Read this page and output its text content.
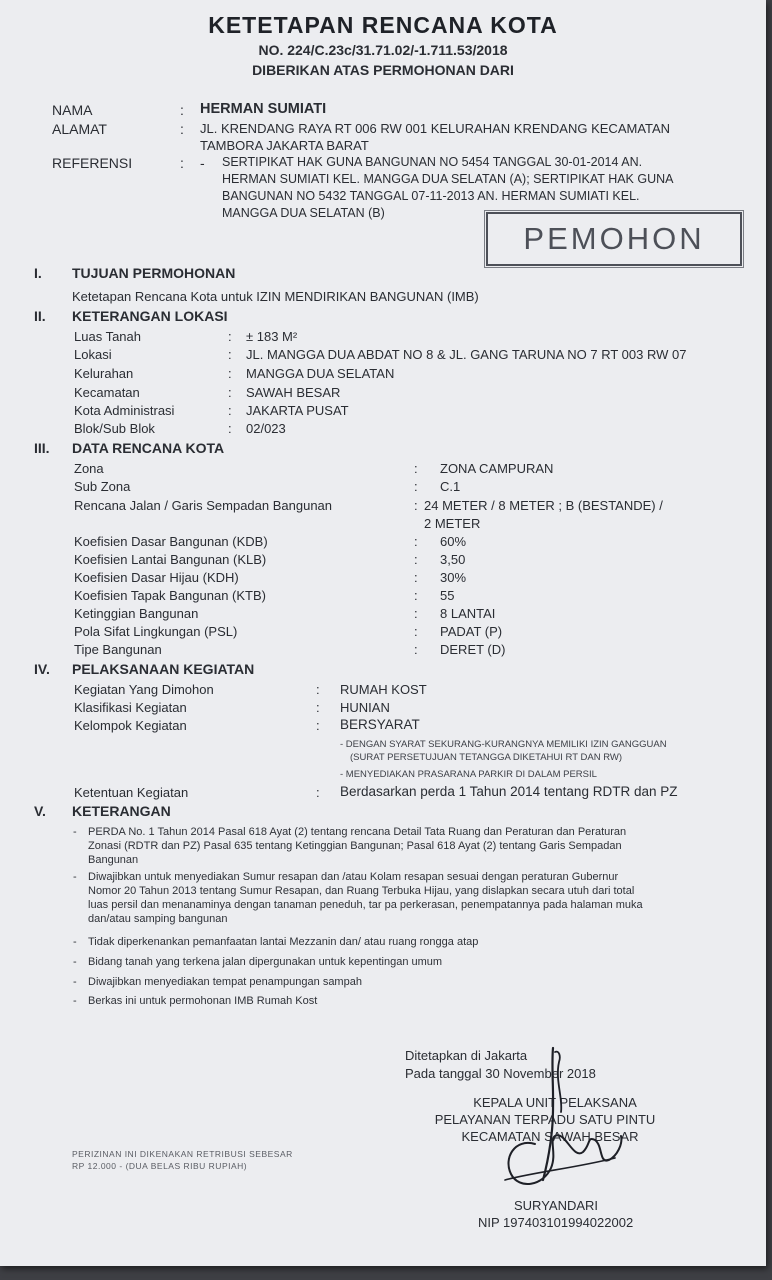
KETETAPAN RENCANA KOTA
NO. 224/C.23c/31.71.02/-1.711.53/2018
DIBERIKAN ATAS PERMOHONAN DARI
NAMA	: HERMAN SUMIATI
ALAMAT	: JL. KRENDANG RAYA RT 006 RW 001 KELURAHAN KRENDANG KECAMATAN
TAMBORA JAKARTA BARAT
REFERENSI	: - SERTIPIKAT HAK GUNA BANGUNAN NO 5454 TANGGAL 30-01-2014 AN.
HERMAN SUMIATI KEL. MANGGA DUA SELATAN (A); SERTIPIKAT HAK GUNA
BANGUNAN NO 5432 TANGGAL 07-11-2013 AN. HERMAN SUMIATI KEL.
MANGGA DUA SELATAN (B)
PEMOHON
I. TUJUAN PERMOHONAN
Ketetapan Rencana Kota untuk IZIN MENDIRIKAN BANGUNAN (IMB)
II. KETERANGAN LOKASI
Luas Tanah	: ± 183 M²
Lokasi	: JL. MANGGA DUA ABDAT NO 8 & JL. GANG TARUNA NO 7 RT 003 RW 07
Kelurahan	: MANGGA DUA SELATAN
Kecamatan	: SAWAH BESAR
Kota Administrasi	: JAKARTA PUSAT
Blok/Sub Blok	: 02/023
III. DATA RENCANA KOTA
Zona	: ZONA CAMPURAN
Sub Zona	: C.1
Rencana Jalan / Garis Sempadan Bangunan	: 24 METER / 8 METER ; B (BESTANDE) /
2 METER
Koefisien Dasar Bangunan (KDB)	: 60%
Koefisien Lantai Bangunan (KLB)	: 3,50
Koefisien Dasar Hijau (KDH)	: 30%
Koefisien Tapak Bangunan (KTB)	: 55
Ketinggian Bangunan	: 8 LANTAI
Pola Sifat Lingkungan (PSL)	: PADAT (P)
Tipe Bangunan	: DERET (D)
IV. PELAKSANAAN KEGIATAN
Kegiatan Yang Dimohon	: RUMAH KOST
Klasifikasi Kegiatan	: HUNIAN
Kelompok Kegiatan	: BERSYARAT
- DENGAN SYARAT SEKURANG-KURANGNYA MEMILIKI IZIN GANGGUAN
(SURAT PERSETUJUAN TETANGGA DIKETAHUI RT DAN RW)
- MENYEDIAKAN PRASARANA PARKIR DI DALAM PERSIL
Ketentuan Kegiatan	: Berdasarkan perda 1 Tahun 2014 tentang RDTR dan PZ
V. KETERANGAN
- PERDA No. 1 Tahun 2014 Pasal 618 Ayat (2) tentang rencana Detail Tata Ruang dan Peraturan dan Peraturan
Zonasi (RDTR dan PZ) Pasal 635 tentang Ketinggian Bangunan; Pasal 618 Ayat (2) tentang Garis Sempadan
Bangunan
- Diwajibkan untuk menyediakan Sumur resapan dan /atau Kolam resapan sesuai dengan peraturan Gubernur
Nomor 20 Tahun 2013 tentang Sumur Resapan, dan Ruang Terbuka Hijau, yang dislapkan secara utuh dari total
luas persil dan menanaminya dengan tanaman peneduh, tar pa perkerasan, penempatannya pada halaman muka
dan/atau samping bangunan
- Tidak diperkenankan pemanfaatan lantai Mezzanin dan/ atau ruang rongga atap
- Bidang tanah yang terkena jalan dipergunakan untuk kepentingan umum
- Diwajibkan menyediakan tempat penampungan sampah
- Berkas ini untuk permohonan IMB Rumah Kost
PERIZINAN INI DIKENAKAN RETRIBUSI SEBESAR
RP 12.000 - (DUA BELAS RIBU RUPIAH)
Ditetapkan di Jakarta
Pada tanggal 30 November 2018
KEPALA UNIT PELAKSANA
PELAYANAN TERPADU SATU PINTU
KECAMATAN SAWAH BESAR
SURYANDARI
NIP 197403101994022002
